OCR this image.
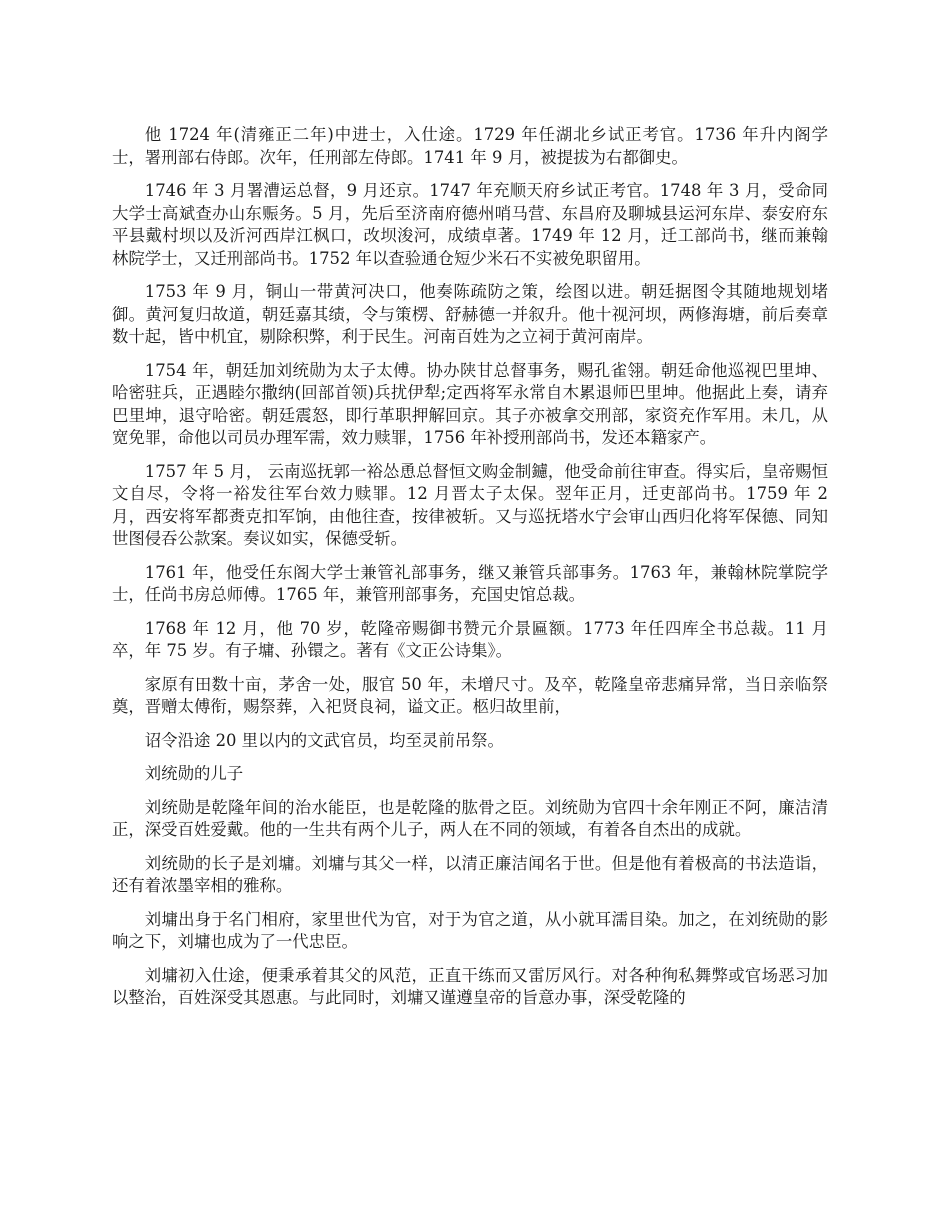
他 1724 年(清雍正二年)中进士，入仕途。1729 年任湖北乡试正考官。1736 年升内阁学士，署刑部右侍郎。次年，任刑部左侍郎。1741 年 9 月，被提拔为右都御史。

1746 年 3 月署漕运总督，9 月还京。1747 年充顺天府乡试正考官。1748 年 3 月，受命同大学士高斌查办山东赈务。5 月，先后至济南府德州哨马营、东昌府及聊城县运河东岸、泰安府东平县戴村坝以及沂河西岸江枫口，改坝浚河，成绩卓著。1749 年 12 月，迁工部尚书，继而兼翰林院学士，又迁刑部尚书。1752 年以查验通仓短少米石不实被免职留用。

1753 年 9 月，铜山一带黄河决口，他奏陈疏防之策，绘图以进。朝廷据图令其随地规划堵御。黄河复归故道，朝廷嘉其绩，令与策楞、舒赫德一并叙升。他十视河坝，两修海塘，前后奏章数十起，皆中机宜，剔除积弊，利于民生。河南百姓为之立祠于黄河南岸。

1754 年，朝廷加刘统勋为太子太傅。协办陕甘总督事务，赐孔雀翎。朝廷命他巡视巴里坤、哈密驻兵，正遇睦尔撒纳(回部首领)兵扰伊犁;定西将军永常自木累退师巴里坤。他据此上奏，请弃巴里坤，退守哈密。朝廷震怒，即行革职押解回京。其子亦被拿交刑部，家资充作军用。未几，从宽免罪，命他以司员办理军需，效力赎罪，1756 年补授刑部尚书，发还本籍家产。

1757 年 5 月， 云南巡抚郭一裕怂恿总督恒文购金制鑢，他受命前往审查。得实后，皇帝赐恒文自尽，令将一裕发往军台效力赎罪。12 月晋太子太保。翌年正月，迁吏部尚书。1759 年 2 月，西安将军都赉克扣军饷，由他往查，按律被斩。又与巡抚塔水宁会审山西归化将军保德、同知世图侵吞公款案。奏议如实，保德受斩。

1761 年，他受任东阁大学士兼管礼部事务，继又兼管兵部事务。1763 年，兼翰林院掌院学士，任尚书房总师傅。1765 年，兼管刑部事务，充国史馆总裁。

1768 年 12 月，他 70 岁，乾隆帝赐御书赞元介景匾额。1773 年任四库全书总裁。11 月卒，年 75 岁。有子墉、孙镮之。著有《文正公诗集》。

家原有田数十亩，茅舍一处，服官 50 年，未增尺寸。及卒，乾隆皇帝悲痛异常，当日亲临祭奠，晋赠太傅衔，赐祭葬，入祀贤良祠，谥文正。柩归故里前，

诏令沿途 20 里以内的文武官员，均至灵前吊祭。

刘统勋的儿子

刘统勋是乾隆年间的治水能臣，也是乾隆的肱骨之臣。刘统勋为官四十余年刚正不阿，廉洁清正，深受百姓爱戴。他的一生共有两个儿子，两人在不同的领域，有着各自杰出的成就。

刘统勋的长子是刘墉。刘墉与其父一样，以清正廉洁闻名于世。但是他有着极高的书法造诣，还有着浓墨宰相的雅称。

刘墉出身于名门相府，家里世代为官，对于为官之道，从小就耳濡目染。加之，在刘统勋的影响之下，刘墉也成为了一代忠臣。

刘墉初入仕途，便秉承着其父的风范，正直干练而又雷厉风行。对各种徇私舞弊或官场恶习加以整治，百姓深受其恩惠。与此同时，刘墉又谨遵皇帝的旨意办事，深受乾隆的
